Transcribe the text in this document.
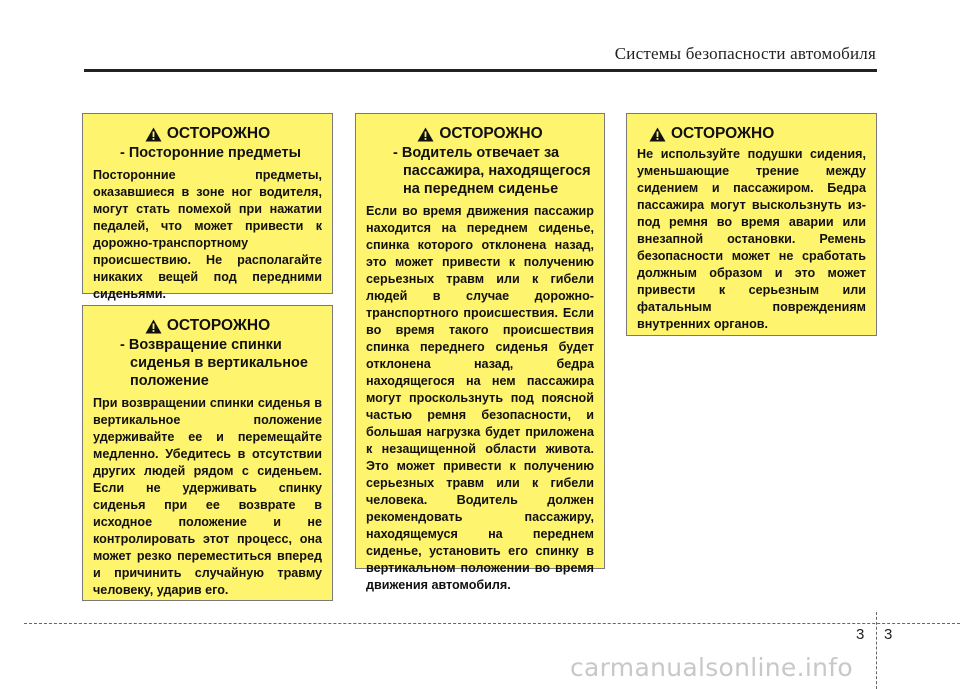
Системы безопасности автомобиля
ОСТОРОЖНО
- Посторонние предметы

Посторонние предметы, оказавшиеся в зоне ног водителя, могут стать помехой при нажатии педалей, что может привести к дорожно-транспортному происшествию. Не располагайте никаких вещей под передними сиденьями.

ОСТОРОЖНО
- Возвращение спинки сиденья в вертикальное положение

При возвращении спинки сиденья в вертикальное положение удерживайте ее и перемещайте медленно. Убедитесь в отсутствии других людей рядом с сиденьем. Если не удерживать спинку сиденья при ее возврате в исходное положение и не контролировать этот процесс, она может резко переместиться вперед и причинить случайную травму человеку, ударив его.

ОСТОРОЖНО
- Водитель отвечает за пассажира, находящегося на переднем сиденье

Если во время движения пассажир находится на переднем сиденье, спинка которого отклонена назад, это может привести к получению серьезных травм или к гибели людей в случае дорожно-транспортного происшествия. Если во время такого происшествия спинка переднего сиденья будет отклонена назад, бедра находящегося на нем пассажира могут проскользнуть под поясной частью ремня безопасности, и большая нагрузка будет приложена к незащищенной области живота. Это может привести к получению серьезных травм или к гибели человека. Водитель должен рекомендовать пассажиру, находящемуся на переднем сиденье, установить его спинку в вертикальном положении во время движения автомобиля.

ОСТОРОЖНО

Не используйте подушки сидения, уменьшающие трение между сидением и пассажиром. Бедра пассажира могут выскользнуть из-под ремня во время аварии или внезапной остановки. Ремень безопасности может не сработать должным образом и это может привести к серьезным или фатальным повреждениям внутренних органов.

3 3
carmanualsonline.info
